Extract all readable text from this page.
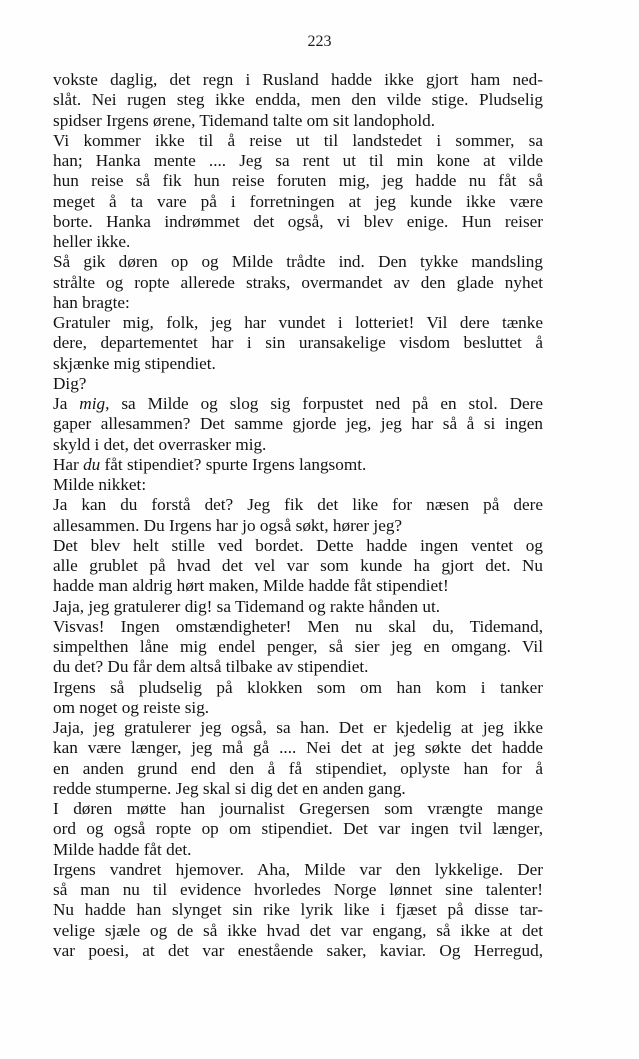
223
vokste daglig, det regn i Rusland hadde ikke gjort ham ned-
slåt. Nei rugen steg ikke endda, men den vilde stige. Pludselig
spidser Irgens ørene, Tidemand talte om sit landophold.
Vi kommer ikke til å reise ut til landstedet i sommer, sa
han; Hanka mente .... Jeg sa rent ut til min kone at vilde
hun reise så fik hun reise foruten mig, jeg hadde nu fåt så
meget å ta vare på i forretningen at jeg kunde ikke være
borte. Hanka indrømmet det også, vi blev enige. Hun reiser
heller ikke.
Så gik døren op og Milde trådte ind. Den tykke mandsling
strålte og ropte allerede straks, overmandet av den glade nyhet
han bragte:
Gratuler mig, folk, jeg har vundet i lotteriet! Vil dere tænke
dere, departementet har i sin uransakelige visdom besluttet å
skjænke mig stipendiet.
Dig?
Ja mig, sa Milde og slog sig forpustet ned på en stol. Dere
gaper allesammen? Det samme gjorde jeg, jeg har så å si ingen
skyld i det, det overrasker mig.
Har du fåt stipendiet? spurte Irgens langsomt.
Milde nikket:
Ja kan du forstå det? Jeg fik det like for næsen på dere
allesammen. Du Irgens har jo også søkt, hører jeg?
Det blev helt stille ved bordet. Dette hadde ingen ventet og
alle grublet på hvad det vel var som kunde ha gjort det. Nu
hadde man aldrig hørt maken, Milde hadde fåt stipendiet!
Jaja, jeg gratulerer dig! sa Tidemand og rakte hånden ut.
Visvas! Ingen omstændigheter! Men nu skal du, Tidemand,
simpelthen låne mig endel penger, så sier jeg en omgang. Vil
du det? Du får dem altså tilbake av stipendiet.
Irgens så pludselig på klokken som om han kom i tanker
om noget og reiste sig.
Jaja, jeg gratulerer jeg også, sa han. Det er kjedelig at jeg ikke
kan være længer, jeg må gå .... Nei det at jeg søkte det hadde
en anden grund end den å få stipendiet, oplyste han for å
redde stumperne. Jeg skal si dig det en anden gang.
I døren møtte han journalist Gregersen som vrængte mange
ord og også ropte op om stipendiet. Det var ingen tvil længer,
Milde hadde fåt det.
Irgens vandret hjemover. Aha, Milde var den lykkelige. Der
så man nu til evidence hvorledes Norge lønnet sine talenter!
Nu hadde han slynget sin rike lyrik like i fjæset på disse tar-
velige sjæle og de så ikke hvad det var engang, så ikke at det
var poesi, at det var enestående saker, kaviar. Og Herregud,
